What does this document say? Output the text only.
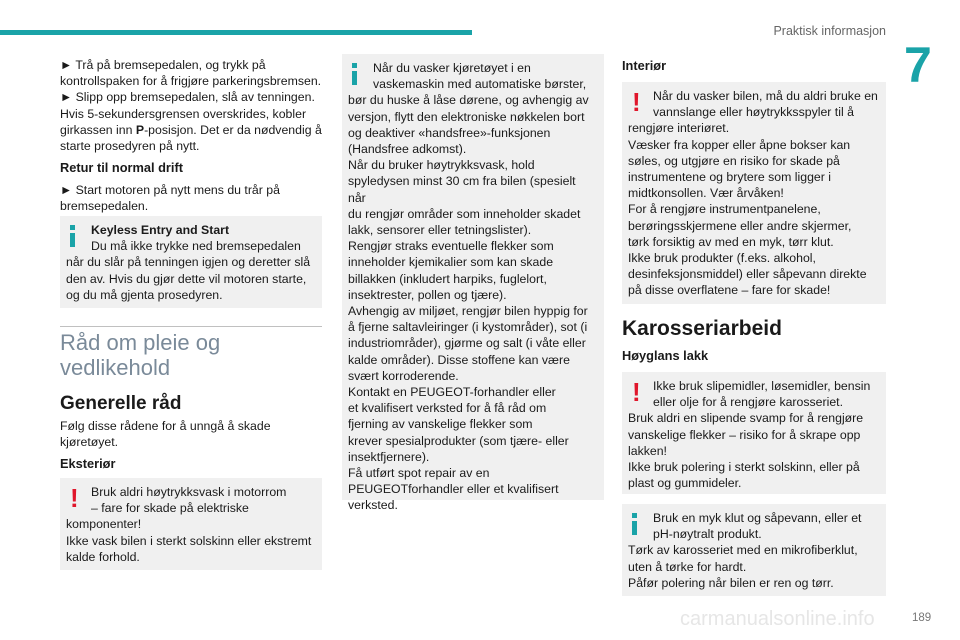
Praktisk informasjon
7

► Trå på bremsepedalen, og trykk på

kontrollspaken for å frigjøre parkeringsbremsen.

► Slipp opp bremsepedalen, slå av tenningen.

Hvis 5-sekundersgrensen overskrides, kobler

girkassen inn P-posisjon. Det er da nødvendig å

starte prosedyren på nytt.

Retur til normal drift

► Start motoren på nytt mens du trår på

bremsepedalen.

Keyless Entry and Start
Du må ikke trykke ned bremsepedalen
når du slår på tenningen igjen og deretter slå
den av. Hvis du gjør dette vil motoren starte,
og du må gjenta prosedyren.
Råd om pleie og
vedlikehold
Generelle råd

Følg disse rådene for å unngå å skade

kjøretøyet.

Eksteriør
!	Bruk aldri høytrykksvask i motorrom
– fare for skade på elektriske
komponenter!
Ikke vask bilen i sterkt solskinn eller ekstremt
kalde forhold.
Når du vasker kjøretøyet i en
vaskemaskin med automatiske børster,
bør du huske å låse dørene, og avhengig av
versjon, flytt den elektroniske nøkkelen bort
og deaktiver «handsfree»-funksjonen
(Handsfree adkomst).
Når du bruker høytrykksvask, hold
spyledysen minst 30 cm fra bilen (spesielt når
du rengjør områder som inneholder skadet
lakk, sensorer eller tetningslister).
Rengjør straks eventuelle flekker som
inneholder kjemikalier som kan skade
billakken (inkludert harpiks, fuglelort,
insektrester, pollen og tjære).
Avhengig av miljøet, rengjør bilen hyppig for
å fjerne saltavleiringer (i kystområder), sot (i
industriområder), gjørme og salt (i våte eller
kalde områder). Disse stoffene kan være
svært korroderende.
Kontakt en PEUGEOT-forhandler eller
et kvalifisert verksted for å få råd om
fjerning av vanskelige flekker som
krever spesialprodukter (som tjære- eller
insektfjernere).
Få utført spot repair av en
PEUGEOTforhandler eller et kvalifisert
verksted.
Interiør
!	Når du vasker bilen, må du aldri bruke en
vannslange eller høytrykksspyler til å
rengjøre interiøret.
Væsker fra kopper eller åpne bokser kan
søles, og utgjøre en risiko for skade på
instrumentene og brytere som ligger i
midtkonsollen. Vær årvåken!
For å rengjøre instrumentpanelene,
berøringsskjermene eller andre skjermer,
tørk forsiktig av med en myk, tørr klut.
Ikke bruk produkter (f.eks. alkohol,
desinfeksjonsmiddel) eller såpevann direkte
på disse overflatene – fare for skade!
Karosseriarbeid
Høyglans lakk
!	Ikke bruk slipemidler, løsemidler, bensin
eller olje for å rengjøre karosseriet.
Bruk aldri en slipende svamp for å rengjøre
vanskelige flekker – risiko for å skrape opp
lakken!
Ikke bruk polering i sterkt solskinn, eller på
plast og gummideler.
Bruk en myk klut og såpevann, eller et
pH-nøytralt produkt.
Tørk av karosseriet med en mikrofiberklut,
uten å tørke for hardt.
Påfør polering når bilen er ren og tørr.
carmanualsonline.info	189
